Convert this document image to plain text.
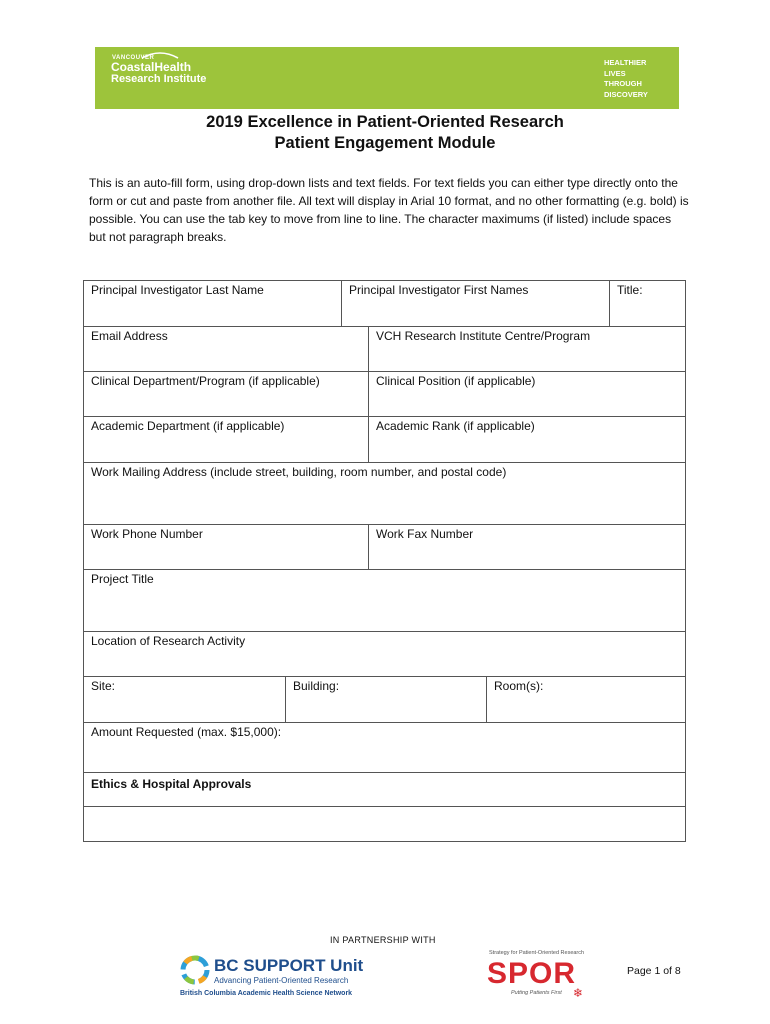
VANCOUVER
CoastalHealth
Research Institute
HEALTHIER
LIVES
THROUGH
DISCOVERY
2019 Excellence in Patient-Oriented Research
Patient Engagement Module
This is an auto-fill form, using drop-down lists and text fields. For text fields you can either type directly onto the form or cut and paste from another file. All text will display in Arial 10 format, and no other formatting (e.g. bold) is possible. You can use the tab key to move from line to line. The character maximums (if listed) include spaces but not paragraph breaks.
Principal Investigator Last Name	Principal Investigator First Names	Title:
Email Address	VCH Research Institute Centre/Program
Clinical Department/Program (if applicable)	Clinical Position (if applicable)
Academic Department (if applicable)	Academic Rank (if applicable)
Work Mailing Address (include street, building, room number, and postal code)
Work Phone Number	Work Fax Number
Project Title
Location of Research Activity
Site:	Building:	Room(s):
Amount Requested (max. $15,000):
Ethics & Hospital Approvals
IN PARTNERSHIP WITH
BC SUPPORT Unit
Advancing Patient-Oriented Research
British Columbia Academic Health Science Network
Strategy for Patient-Oriented Research
SPOR
Putting Patients First ❄
Page 1 of 8
